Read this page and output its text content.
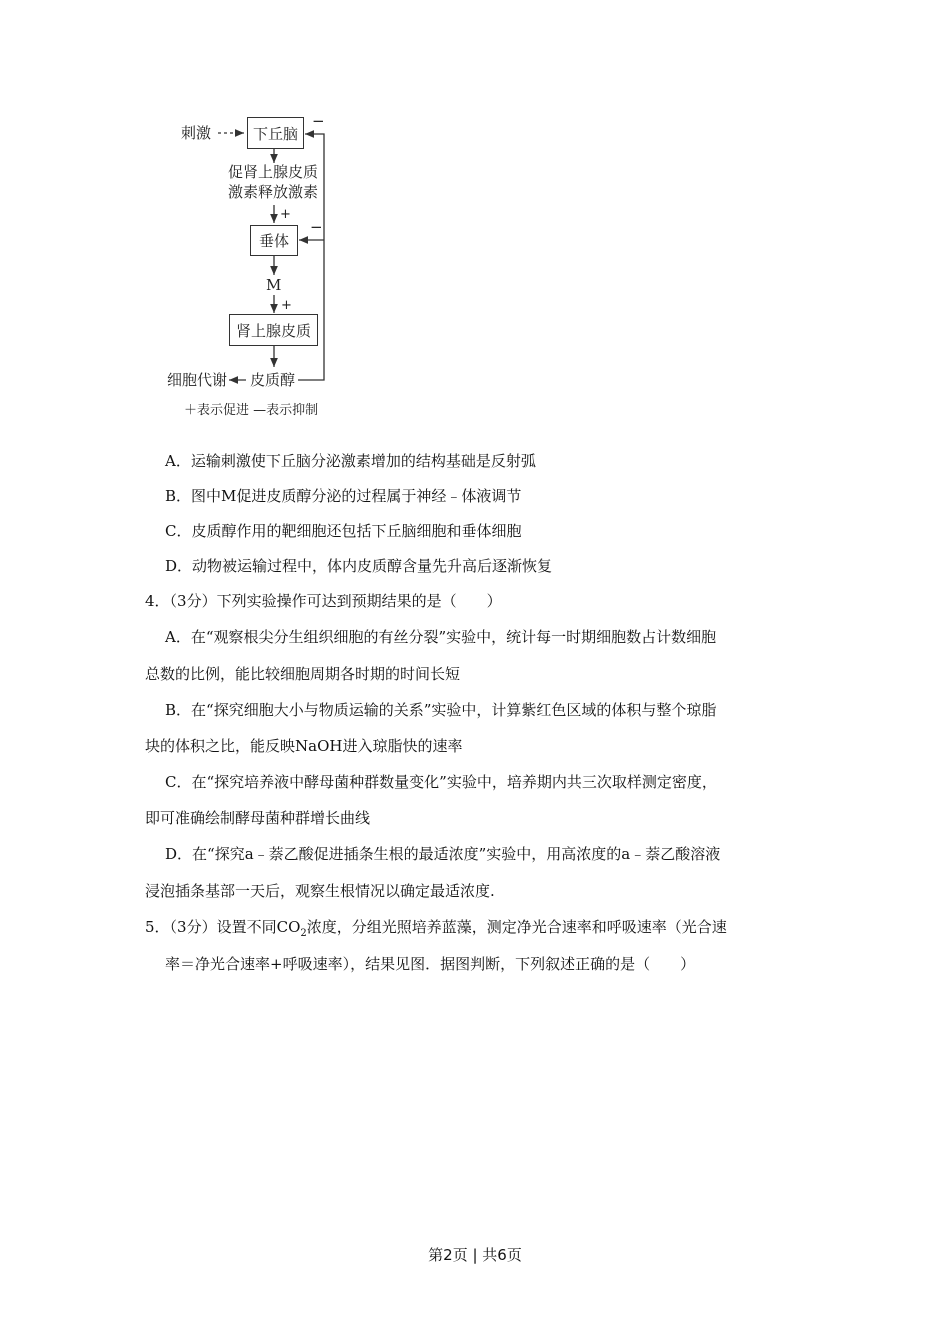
刺激	下丘脑
−
促肾上腺皮质
激素释放激素
+
垂体
−
M
+
肾上腺皮质
皮质醇
细胞代谢
＋表示促进 —表示抑制
A．运输刺激使下丘脑分泌激素增加的结构基础是反射弧
B．图中M促进皮质醇分泌的过程属于神经﹣体液调节
C．皮质醇作用的靶细胞还包括下丘脑细胞和垂体细胞
D．动物被运输过程中，体内皮质醇含量先升高后逐渐恢复
4．（3分）下列实验操作可达到预期结果的是（　　）
A．在“观察根尖分生组织细胞的有丝分裂”实验中，统计每一时期细胞数占计数细胞
总数的比例，能比较细胞周期各时期的时间长短
B．在“探究细胞大小与物质运输的关系”实验中，计算紫红色区域的体积与整个琼脂
块的体积之比，能反映NaOH进入琼脂快的速率
C．在“探究培养液中酵母菌种群数量变化”实验中，培养期内共三次取样测定密度，
即可准确绘制酵母菌种群增长曲线
D．在“探究a﹣萘乙酸促进插条生根的最适浓度”实验中，用高浓度的a﹣萘乙酸溶液
浸泡插条基部一天后，观察生根情况以确定最适浓度.
5．（3分）设置不同$CO_2$浓度，分组光照培养蓝藻，测定净光合速率和呼吸速率（光合速
率＝净光合速率+呼吸速率），结果见图．据图判断，下列叙述正确的是（　　）
第2页 | 共6页
